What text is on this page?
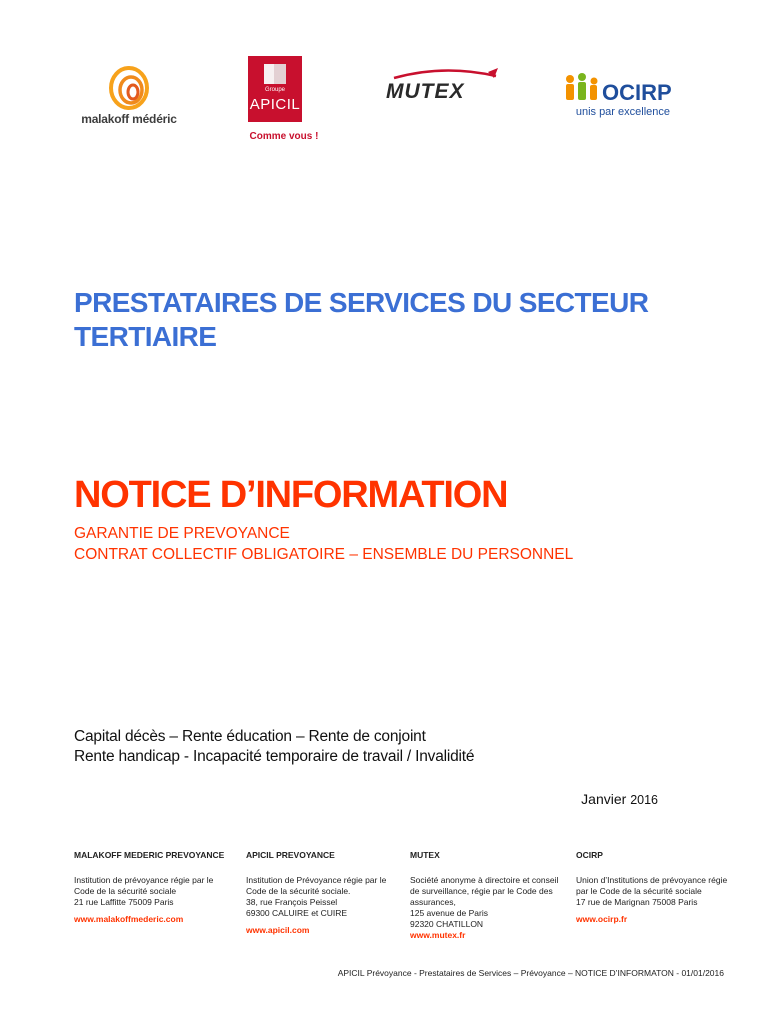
malakoff médéric
Groupe
APICIL
Comme vous !
MUTEX	OCIRP
unis par excellence
PRESTATAIRES DE SERVICES DU SECTEUR
TERTIAIRE
NOTICE D’INFORMATION
GARANTIE DE PREVOYANCE
CONTRAT COLLECTIF OBLIGATOIRE – ENSEMBLE DU PERSONNEL
Capital décès – Rente éducation – Rente de conjoint
Rente handicap - Incapacité temporaire de travail / Invalidité
Janvier 2016
MALAKOFF MEDERIC PREVOYANCE
Institution de prévoyance régie par le
Code de la sécurité sociale
21 rue Laffitte 75009 Paris
www.malakoffmederic.com
APICIL PREVOYANCE
Institution de Prévoyance régie par le
Code de la sécurité sociale.
38, rue François Peissel
69300 CALUIRE et CUIRE
www.apicil.com
MUTEX
Société anonyme à directoire et conseil
de surveillance, régie par le Code des
assurances,
125 avenue de Paris
92320 CHATILLON
www.mutex.fr
OCIRP
Union d’Institutions de prévoyance régie
par le Code de la sécurité sociale
17 rue de Marignan 75008 Paris
www.ocirp.fr
APICIL Prévoyance - Prestataires de Services – Prévoyance – NOTICE D’INFORMATON - 01/01/2016
